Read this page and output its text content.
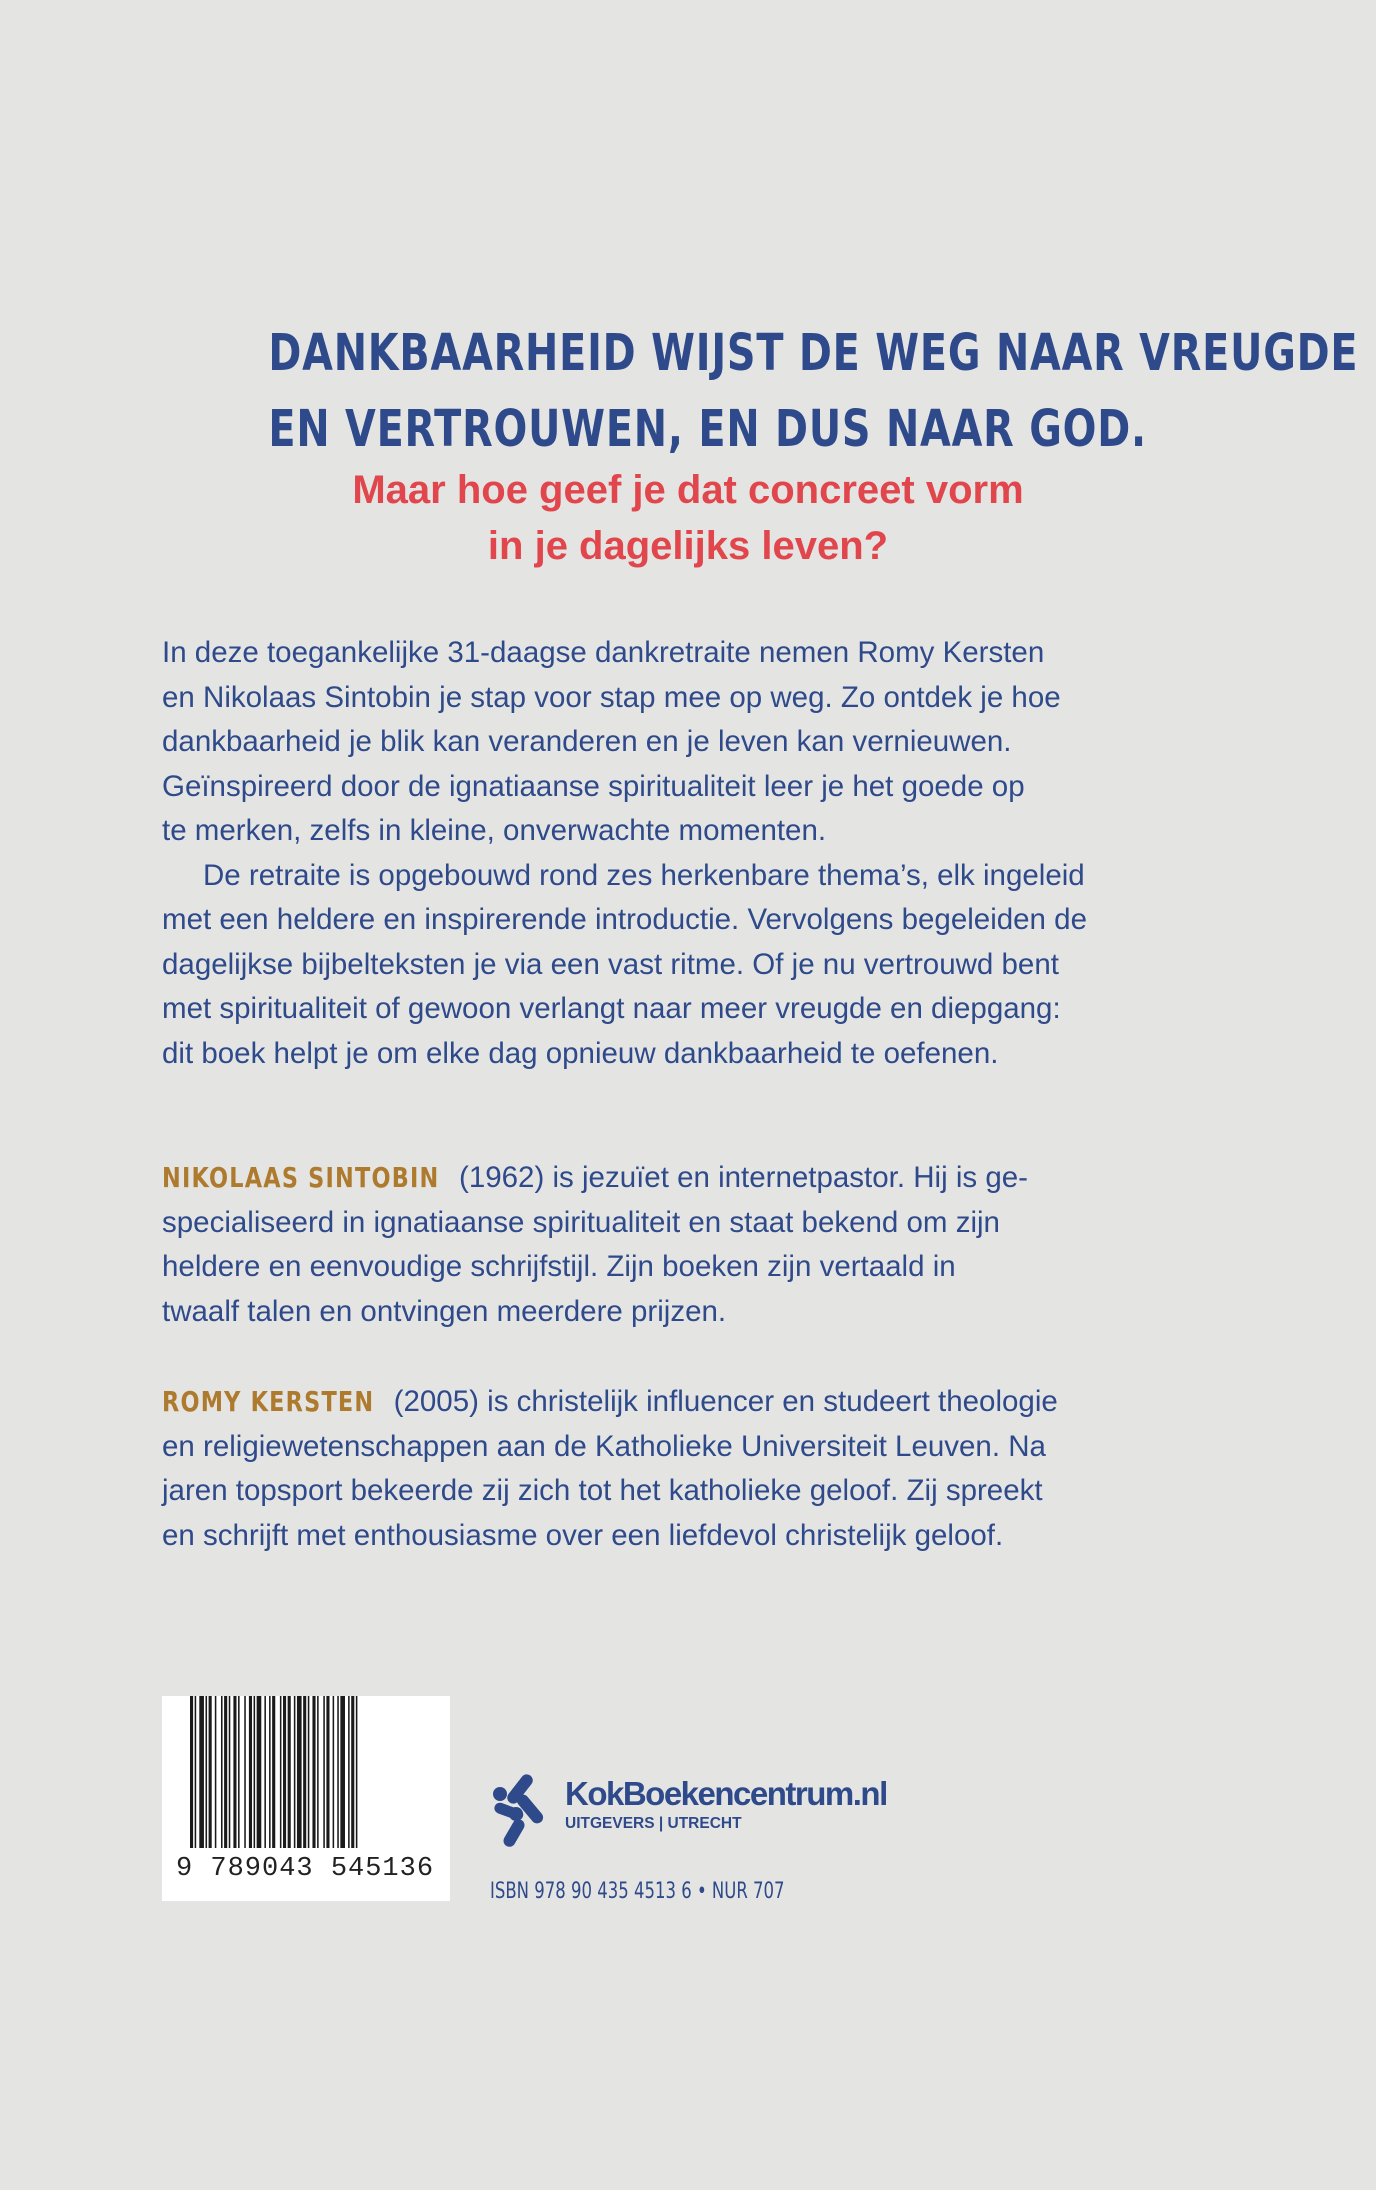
DANKBAARHEID WIJST DE WEG NAAR VREUGDE
EN VERTROUWEN, EN DUS NAAR GOD.
Maar hoe geef je dat concreet vorm
in je dagelijks leven?
In deze toegankelijke 31-daagse dankretraite nemen Romy Kersten
en Nikolaas Sintobin je stap voor stap mee op weg. Zo ontdek je hoe
dankbaarheid je blik kan veranderen en je leven kan vernieuwen.
Geïnspireerd door de ignatiaanse spiritualiteit leer je het goede op
te merken, zelfs in kleine, onverwachte momenten.
De retraite is opgebouwd rond zes herkenbare thema’s, elk ingeleid
met een heldere en inspirerende introductie. Vervolgens begeleiden de
dagelijkse bijbelteksten je via een vast ritme. Of je nu vertrouwd bent
met spiritualiteit of gewoon verlangt naar meer vreugde en diepgang:
dit boek helpt je om elke dag opnieuw dankbaarheid te oefenen.
NIKOLAAS SINTOBIN (1962) is jezuïet en internetpastor. Hij is ge-
specialiseerd in ignatiaanse spiritualiteit en staat bekend om zijn
heldere en eenvoudige schrijfstijl. Zijn boeken zijn vertaald in
twaalf talen en ontvingen meerdere prijzen.
ROMY KERSTEN (2005) is christelijk influencer en studeert theologie
en religiewetenschappen aan de Katholieke Universiteit Leuven. Na
jaren topsport bekeerde zij zich tot het katholieke geloof. Zij spreekt
en schrijft met enthousiasme over een liefdevol christelijk geloof.
9 789043 545136
KokBoekencentrum.nl
UITGEVERS | UTRECHT
ISBN 978 90 435 4513 6 • NUR 707
